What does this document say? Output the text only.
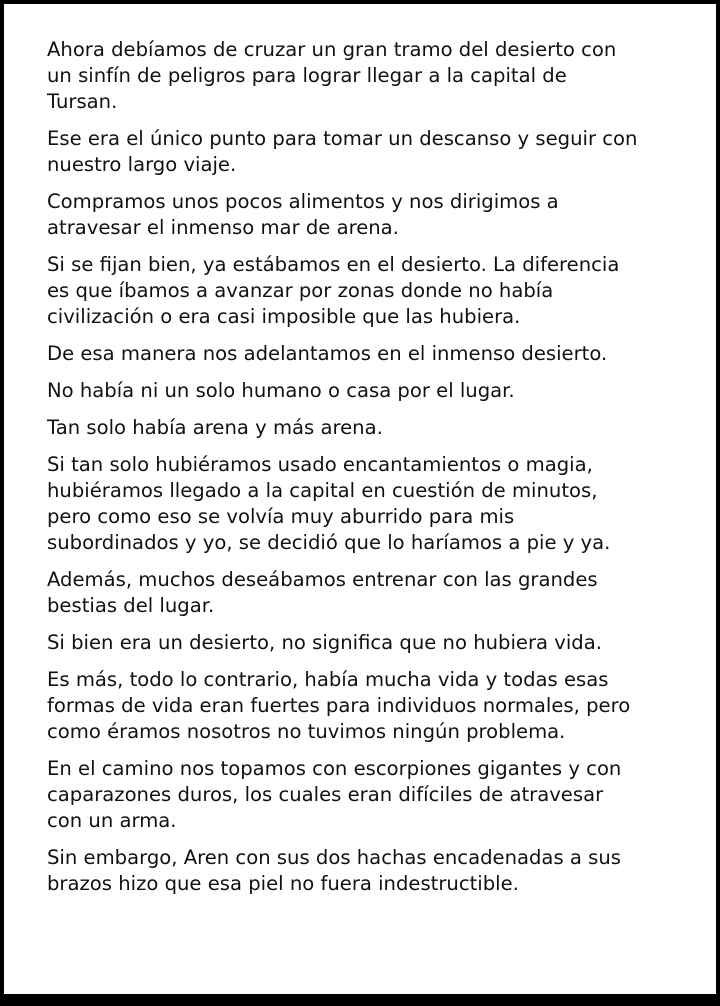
Ahora debíamos de cruzar un gran tramo del desierto con
un sinfín de peligros para lograr llegar a la capital de
Tursan.

Ese era el único punto para tomar un descanso y seguir con
nuestro largo viaje.

Compramos unos pocos alimentos y nos dirigimos a
atravesar el inmenso mar de arena.

Si se fijan bien, ya estábamos en el desierto. La diferencia
es que íbamos a avanzar por zonas donde no había
civilización o era casi imposible que las hubiera.

De esa manera nos adelantamos en el inmenso desierto.

No había ni un solo humano o casa por el lugar.

Tan solo había arena y más arena.

Si tan solo hubiéramos usado encantamientos o magia,
hubiéramos llegado a la capital en cuestión de minutos,
pero como eso se volvía muy aburrido para mis
subordinados y yo, se decidió que lo haríamos a pie y ya.

Además, muchos deseábamos entrenar con las grandes
bestias del lugar.

Si bien era un desierto, no significa que no hubiera vida.

Es más, todo lo contrario, había mucha vida y todas esas
formas de vida eran fuertes para individuos normales, pero
como éramos nosotros no tuvimos ningún problema.

En el camino nos topamos con escorpiones gigantes y con
caparazones duros, los cuales eran difíciles de atravesar
con un arma.

Sin embargo, Aren con sus dos hachas encadenadas a sus
brazos hizo que esa piel no fuera indestructible.
